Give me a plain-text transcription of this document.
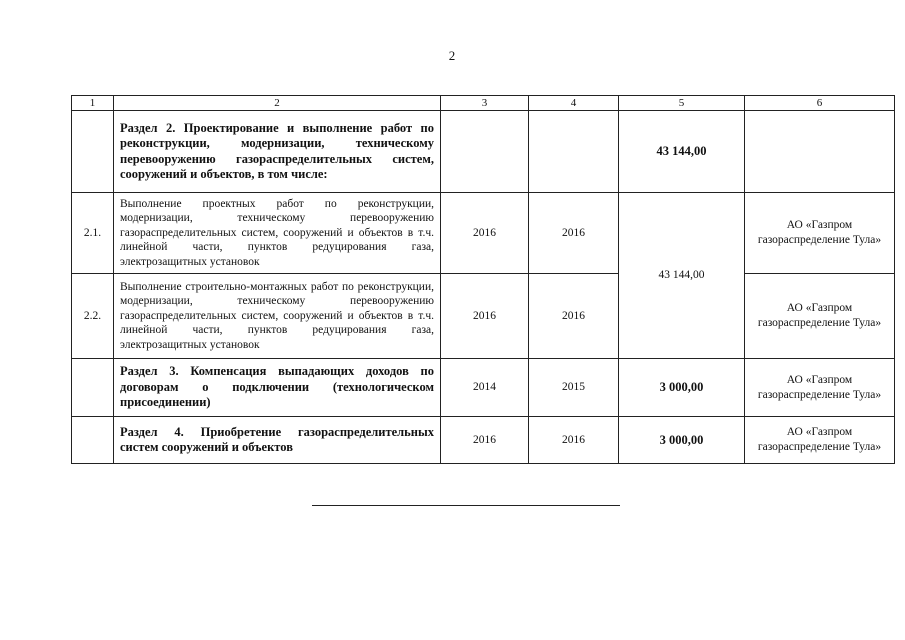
2
1	2	3	4	5	6
	Раздел 2. Проектирование и выполнение работ по реконструкции, модернизации, техническому перевооружению газораспределительных систем, сооружений и объектов, в том числе:			43 144,00	
2.1.	Выполнение проектных работ по реконструкции, модернизации, техническому перевооружению газораспределительных систем, сооружений и объектов в т.ч. линейной части, пунктов редуцирования газа, электрозащитных установок	2016	2016	43 144,00	АО «Газпром газораспределение Тула»
2.2.	Выполнение строительно-монтажных работ по реконструкции, модернизации, техническому перевооружению газораспределительных систем, сооружений и объектов в т.ч. линейной части, пунктов редуцирования газа, электрозащитных установок	2016	2016		АО «Газпром газораспределение Тула»
	Раздел 3. Компенсация выпадающих доходов по договорам о подключении (технологическом присоединении)	2014	2015	3 000,00	АО «Газпром газораспределение Тула»
	Раздел 4. Приобретение газораспределительных систем сооружений и объектов	2016	2016	3 000,00	АО «Газпром газораспределение Тула»
